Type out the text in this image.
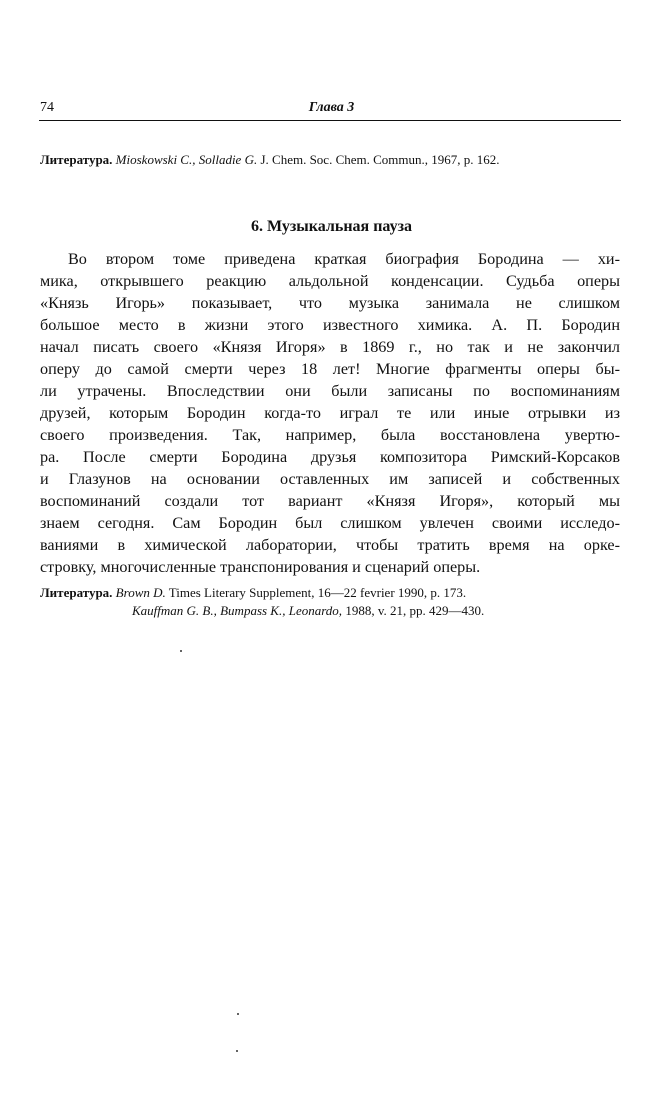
74	Глава 3
Литература. Mioskowski C., Solladie G. J. Chem. Soc. Chem. Commun., 1967, p. 162.
6. Музыкальная пауза
Во втором томе приведена краткая биография Бородина — хи-
мика, открывшего реакцию альдольной конденсации. Судьба оперы
«Князь Игорь» показывает, что музыка занимала не слишком
большое место в жизни этого известного химика. А. П. Бородин
начал писать своего «Князя Игоря» в 1869 г., но так и не закончил
оперу до самой смерти через 18 лет! Многие фрагменты оперы бы-
ли утрачены. Впоследствии они были записаны по воспоминаниям
друзей, которым Бородин когда-то играл те или иные отрывки из
своего произведения. Так, например, была восстановлена увертю-
ра. После смерти Бородина друзья композитора Римский-Корсаков
и Глазунов на основании оставленных им записей и собственных
воспоминаний создали тот вариант «Князя Игоря», который мы
знаем сегодня. Сам Бородин был слишком увлечен своими исследо-
ваниями в химической лаборатории, чтобы тратить время на орке-
стровку, многочисленные транспонирования и сценарий оперы.
Литература. Brown D. Times Literary Supplement, 16—22 fevrier 1990, p. 173.
Kauffman G. B., Bumpass K., Leonardo, 1988, v. 21, pp. 429—430.
